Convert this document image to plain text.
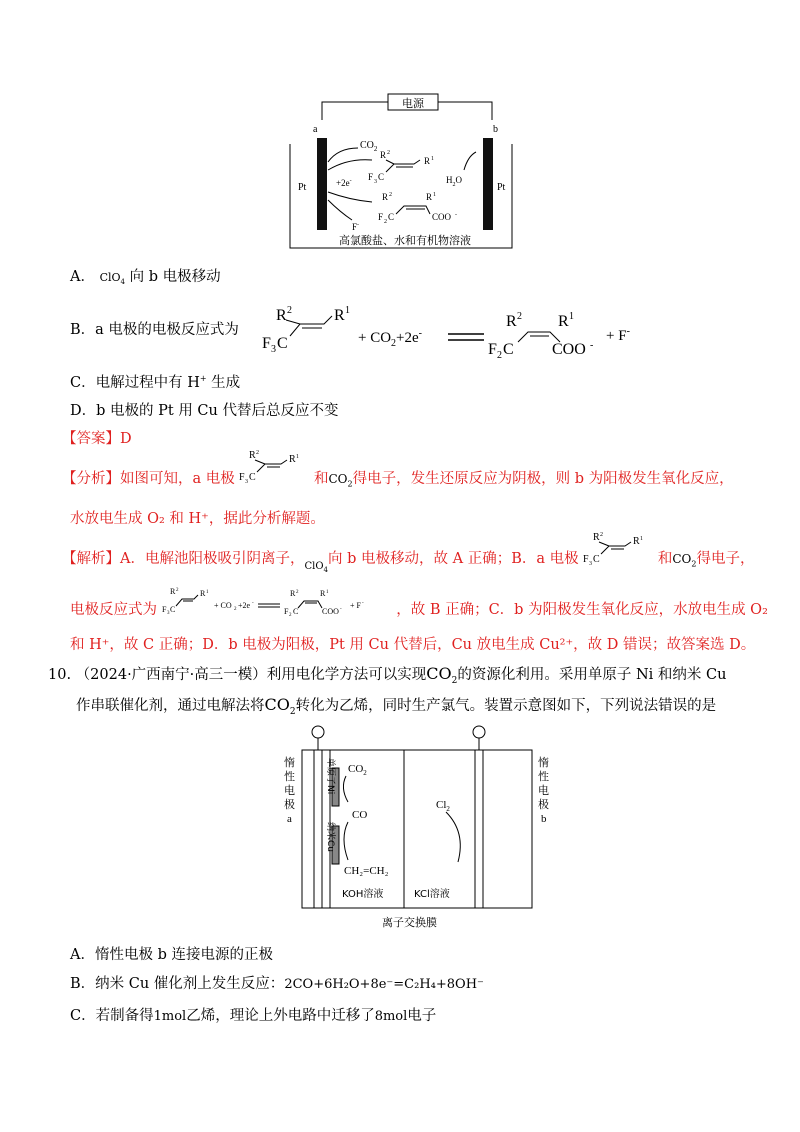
电源
a	b
Pt	Pt
$CO_2$
+2e-
R 2
R 1
F 3 C
R 2	R 1
F 2 C	COO -
$H_2O$
F-
高氯酸盐、水和有机物溶液
A． ClO$_4$ 向 b 电极移动
B．a 电极的电极反应式为
R 2	R 1
F 3 C	+ $CO_2+2e^-$
R 2 R 1
F 2 C COO -
+ F-
C．电解过程中有 H+ 生成
D．b 电极的 Pt 用 Cu 代替后总反应不变
【答案】D
【分析】如图可知，a 电极
R 2
R 1
F 3 C	和$CO_2$得电子，发生还原反应为阴极，则 b 为阳极发生氧化反应，
水放电生成 O₂ 和 H⁺，据此分析解题。
【解析】A．电解池阳极吸引阴离子，$_{ClO_4}$向 b 电极移动，故 A 正确；B．a 电极
R 2
R 1
F 3 C	和$CO_2$得电子，
电极反应式为
R 2	R 1
F 3 C	+ CO 2 +2e -
R 2	R 1
F 2 C	COO - + F - ，故 B 正确；C．b 为阳极发生氧化反应，水放电生成 O₂
和 H⁺，故 C 正确；D．b 电极为阳极，Pt 用 Cu 代替后，Cu 放电生成 Cu²⁺，故 D 错误；故答案选 D。
10. （2024·广西南宁·高三一模）利用电化学方法可以实现$CO_2$的资源化利用。采用单原子 Ni 和纳米 Cu
作串联催化剂，通过电解法将$CO_2$转化为乙烯，同时生产氯气。装置示意图如下，下列说法错误的是
$CO_2$
CO
CH₂=CH₂
$Cl_2$
KOH溶液	KCl溶液
离子交换膜
惰
性
电
极
a
惰
性
电
极
b
单原子Ni
纳米Cu
A．惰性电极 b 连接电源的正极
B．纳米 Cu 催化剂上发生反应：2CO+6H₂O+8e⁻=C₂H₄+8OH⁻
C．若制备得1mol乙烯，理论上外电路中迁移了8mol电子
